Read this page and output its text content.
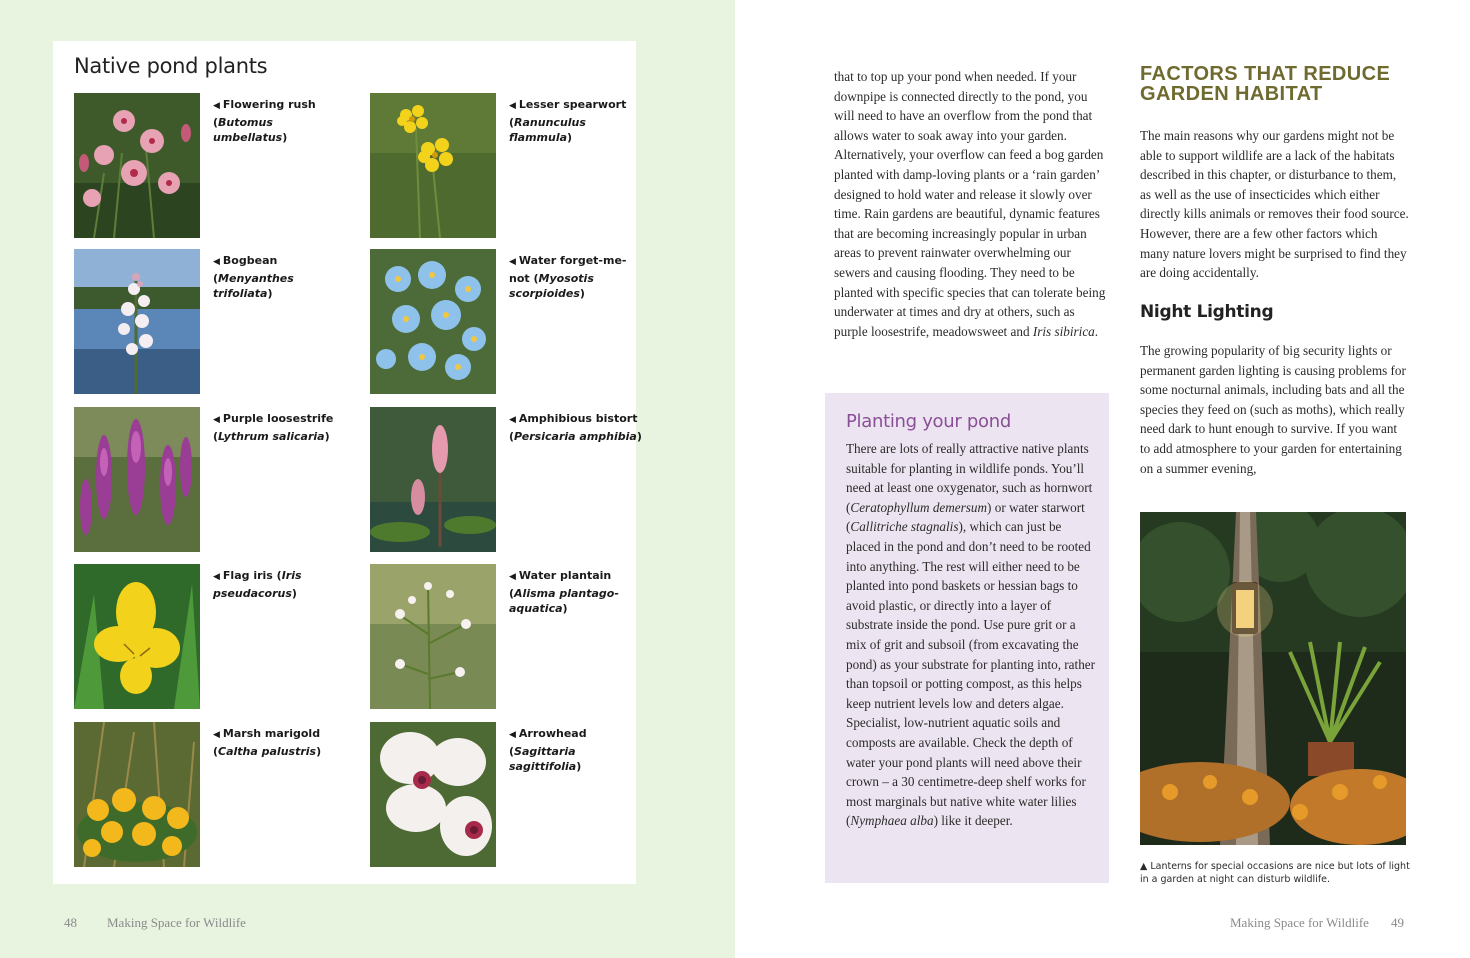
Native pond plants
◀ Flowering rush (Butomus umbellatus)
◀ Lesser spearwort (Ranunculus flammula)
◀ Bogbean (Menyanthes trifoliata)
◀ Water forget-me-not (Myosotis scorpioides)
◀ Purple loosestrife (Lythrum salicaria)
◀ Amphibious bistort (Persicaria amphibia)
◀ Flag iris (Iris pseudacorus)
◀ Water plantain (Alisma plantago-aquatica)
◀ Marsh marigold (Caltha palustris)
◀ Arrowhead (Sagittaria sagittifolia)
48 Making Space for Wildlife

that to top up your pond when needed. If your downpipe is connected directly to the pond, you will need to have an overflow from the pond that allows water to soak away into your garden. Alternatively, your overflow can feed a bog garden planted with damp-loving plants or a ‘rain garden’ designed to hold water and release it slowly over time. Rain gardens are beautiful, dynamic features that are becoming increasingly popular in urban areas to prevent rainwater overwhelming our sewers and causing flooding. They need to be planted with specific species that can tolerate being underwater at times and dry at others, such as purple loosestrife, meadowsweet and Iris sibirica.

Planting your pond

There are lots of really attractive native plants suitable for planting in wildlife ponds. You’ll need at least one oxygenator, such as hornwort (Ceratophyllum demersum) or water starwort (Callitriche stagnalis), which can just be placed in the pond and don’t need to be rooted into anything. The rest will either need to be planted into pond baskets or hessian bags to avoid plastic, or directly into a layer of substrate inside the pond. Use pure grit or a mix of grit and subsoil (from excavating the pond) as your substrate for planting into, rather than topsoil or potting compost, as this helps keep nutrient levels low and deters algae. Specialist, low-nutrient aquatic soils and composts are available. Check the depth of water your pond plants will need above their crown – a 30 centimetre-deep shelf works for most marginals but native white water lilies (Nymphaea alba) like it deeper.

FACTORS THAT REDUCE GARDEN HABITAT

The main reasons why our gardens might not be able to support wildlife are a lack of the habitats described in this chapter, or disturbance to them, as well as the use of insecticides which either directly kills animals or removes their food source. However, there are a few other factors which many nature lovers might be surprised to find they are doing accidentally.

Night Lighting

The growing popularity of big security lights or permanent garden lighting is causing problems for some nocturnal animals, including bats and all the species they feed on (such as moths), which really need dark to hunt enough to survive. If you want to add atmosphere to your garden for entertaining on a summer evening,

▲ Lanterns for special occasions are nice but lots of light in a garden at night can disturb wildlife.

Making Space for Wildlife 49
